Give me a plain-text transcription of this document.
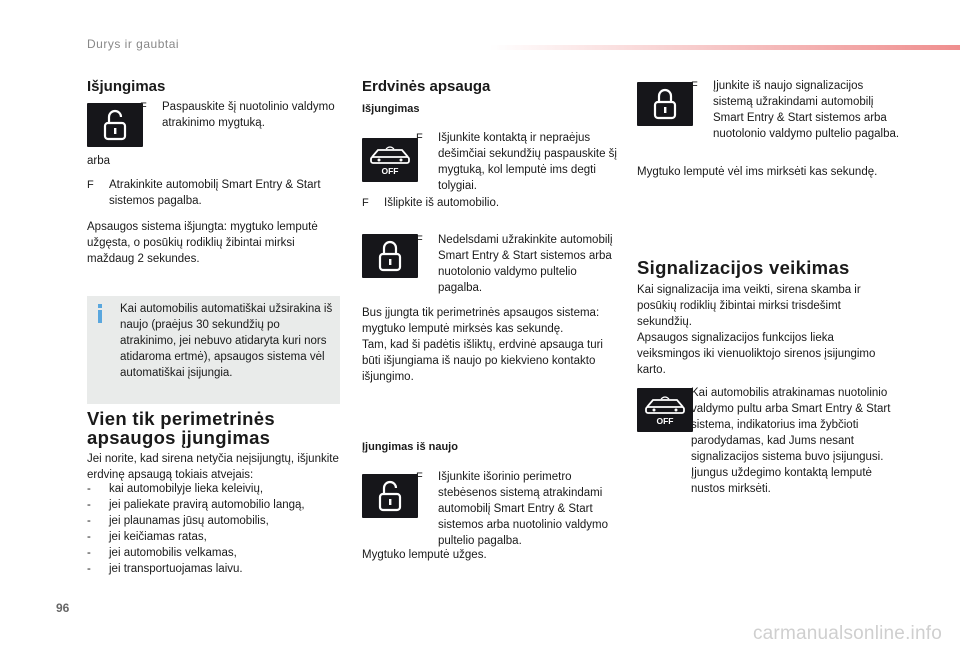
Durys ir gaubtai
Išjungimas
F	Paspauskite šį nuotolinio valdymo atrakinimo mygtuką.
arba
F	Atrakinkite automobilį Smart Entry & Start sistemos pagalba.
Apsaugos sistema išjungta: mygtuko lemputė užgęsta, o posūkių rodiklių žibintai mirksi maždaug 2 sekundes.
Kai automobilis automatiškai užsirakina iš naujo (praėjus 30 sekundžių po atrakinimo, jei nebuvo atidaryta kuri nors atidaroma ertmė), apsaugos sistema vėl automatiškai įsijungia.
Vien tik perimetrinės
apsaugos įjungimas
Jei norite, kad sirena netyčia neįsijungtų, išjunkite erdvinę apsaugą tokiais atvejais:
-	kai automobilyje lieka keleivių,
-	jei paliekate pravirą automobilio langą,
-	jei plaunamas jūsų automobilis,
-	jei keičiamas ratas,
-	jei automobilis velkamas,
-	jei transportuojamas laivu.
Erdvinės apsauga
Išjungimas
OFF
F	Išjunkite kontaktą ir nepraėjus dešimčiai sekundžių paspauskite šį mygtuką, kol lemputė ims degti tolygiai.
F	Išlipkite iš automobilio.
F	Nedelsdami užrakinkite automobilį Smart Entry & Start sistemos arba nuotolonio valdymo pultelio pagalba.
Bus įjungta tik perimetrinės apsaugos sistema: mygtuko lemputė mirksės kas sekundę.
Tam, kad ši padėtis išliktų, erdvinė apsauga turi būti išjungiama iš naujo po kiekvieno kontakto išjungimo.
Įjungimas iš naujo
F	Išjunkite išorinio perimetro stebėsenos sistemą atrakindami automobilį Smart Entry & Start sistemos arba nuotolinio valdymo pultelio pagalba.
Mygtuko lemputė užges.
F	Įjunkite iš naujo signalizacijos sistemą užrakindami automobilį Smart Entry & Start sistemos arba nuotolonio valdymo pultelio pagalba.
Mygtuko lemputė vėl ims mirksėti kas sekundę.
Signalizacijos veikimas
Kai signalizacija ima veikti, sirena skamba ir posūkių rodiklių žibintai mirksi trisdešimt sekundžių.
Apsaugos signalizacijos funkcijos lieka veiksmingos iki vienuoliktojo sirenos įsijungimo karto.
OFF
Kai automobilis atrakinamas nuotolinio valdymo pultu arba Smart Entry & Start sistema, indikatorius ima žybčioti parodydamas, kad Jums nesant signalizacijos sistema buvo įsijungusi.
Įjungus uždegimo kontaktą lemputė nustos mirksėti.
96
carmanualsonline.info
